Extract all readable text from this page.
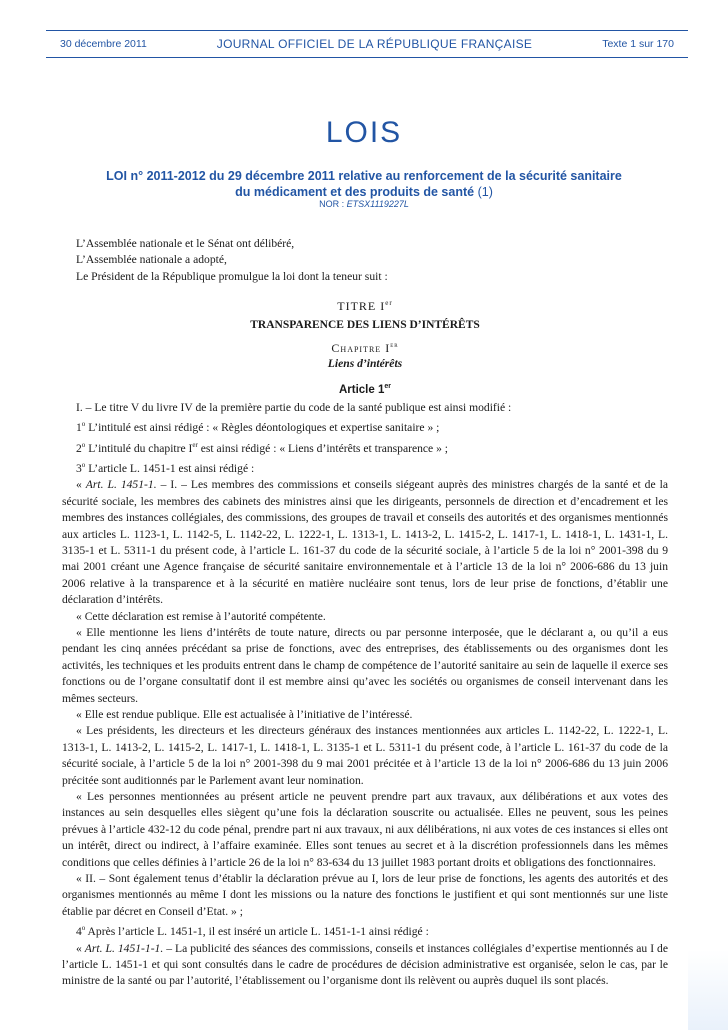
30 décembre 2011	JOURNAL OFFICIEL DE LA RÉPUBLIQUE FRANÇAISE	Texte 1 sur 170
LOIS
LOI n° 2011-2012 du 29 décembre 2011 relative au renforcement de la sécurité sanitaire
du médicament et des produits de santé (1)
NOR : ETSX1119227L

L’Assemblée nationale et le Sénat ont délibéré,

L’Assemblée nationale a adopté,

Le Président de la République promulgue la loi dont la teneur suit :

TITRE Ier

TRANSPARENCE DES LIENS D’INTÉRÊTS

Chapitre Ier

Liens d’intérêts

Article 1er

I. – Le titre V du livre IV de la première partie du code de la santé publique est ainsi modifié :

1$^o$ L’intitulé est ainsi rédigé : « Règles déontologiques et expertise sanitaire » ;

2$^o$ L’intitulé du chapitre Ier est ainsi rédigé : « Liens d’intérêts et transparence » ;

3$^o$ L’article L. 1451-1 est ainsi rédigé :

« Art. L. 1451-1. – I. – Les membres des commissions et conseils siégeant auprès des ministres chargés de la santé et de la sécurité sociale, les membres des cabinets des ministres ainsi que les dirigeants, personnels de direction et d’encadrement et les membres des instances collégiales, des commissions, des groupes de travail et conseils des autorités et des organismes mentionnés aux articles L. 1123-1, L. 1142-5, L. 1142-22, L. 1222-1, L. 1313-1, L. 1413-2, L. 1415-2, L. 1417-1, L. 1418-1, L. 1431-1, L. 3135-1 et L. 5311-1 du présent code, à l’article L. 161-37 du code de la sécurité sociale, à l’article 5 de la loi n° 2001-398 du 9 mai 2001 créant une Agence française de sécurité sanitaire environnementale et à l’article 13 de la loi n° 2006-686 du 13 juin 2006 relative à la transparence et à la sécurité en matière nucléaire sont tenus, lors de leur prise de fonctions, d’établir une déclaration d’intérêts.

« Cette déclaration est remise à l’autorité compétente.

« Elle mentionne les liens d’intérêts de toute nature, directs ou par personne interposée, que le déclarant a, ou qu’il a eus pendant les cinq années précédant sa prise de fonctions, avec des entreprises, des établissements ou des organismes dont les activités, les techniques et les produits entrent dans le champ de compétence de l’autorité sanitaire au sein de laquelle il exerce ses fonctions ou de l’organe consultatif dont il est membre ainsi qu’avec les sociétés ou organismes de conseil intervenant dans les mêmes secteurs.

« Elle est rendue publique. Elle est actualisée à l’initiative de l’intéressé.

« Les présidents, les directeurs et les directeurs généraux des instances mentionnées aux articles L. 1142-22, L. 1222-1, L. 1313-1, L. 1413-2, L. 1415-2, L. 1417-1, L. 1418-1, L. 3135-1 et L. 5311-1 du présent code, à l’article L. 161-37 du code de la sécurité sociale, à l’article 5 de la loi n° 2001-398 du 9 mai 2001 précitée et à l’article 13 de la loi n° 2006-686 du 13 juin 2006 précitée sont auditionnés par le Parlement avant leur nomination.

« Les personnes mentionnées au présent article ne peuvent prendre part aux travaux, aux délibérations et aux votes des instances au sein desquelles elles siègent qu’une fois la déclaration souscrite ou actualisée. Elles ne peuvent, sous les peines prévues à l’article 432-12 du code pénal, prendre part ni aux travaux, ni aux délibérations, ni aux votes de ces instances si elles ont un intérêt, direct ou indirect, à l’affaire examinée. Elles sont tenues au secret et à la discrétion professionnels dans les mêmes conditions que celles définies à l’article 26 de la loi n° 83-634 du 13 juillet 1983 portant droits et obligations des fonctionnaires.

« II. – Sont également tenus d’établir la déclaration prévue au I, lors de leur prise de fonctions, les agents des autorités et des organismes mentionnés au même I dont les missions ou la nature des fonctions le justifient et qui sont mentionnés sur une liste établie par décret en Conseil d’Etat. » ;

4$^o$ Après l’article L. 1451-1, il est inséré un article L. 1451-1-1 ainsi rédigé :

« Art. L. 1451-1-1. – La publicité des séances des commissions, conseils et instances collégiales d’expertise mentionnés au I de l’article L. 1451-1 et qui sont consultés dans le cadre de procédures de décision administrative est organisée, selon le cas, par le ministre de la santé ou par l’autorité, l’établissement ou l’organisme dont ils relèvent ou auprès duquel ils sont placés.
